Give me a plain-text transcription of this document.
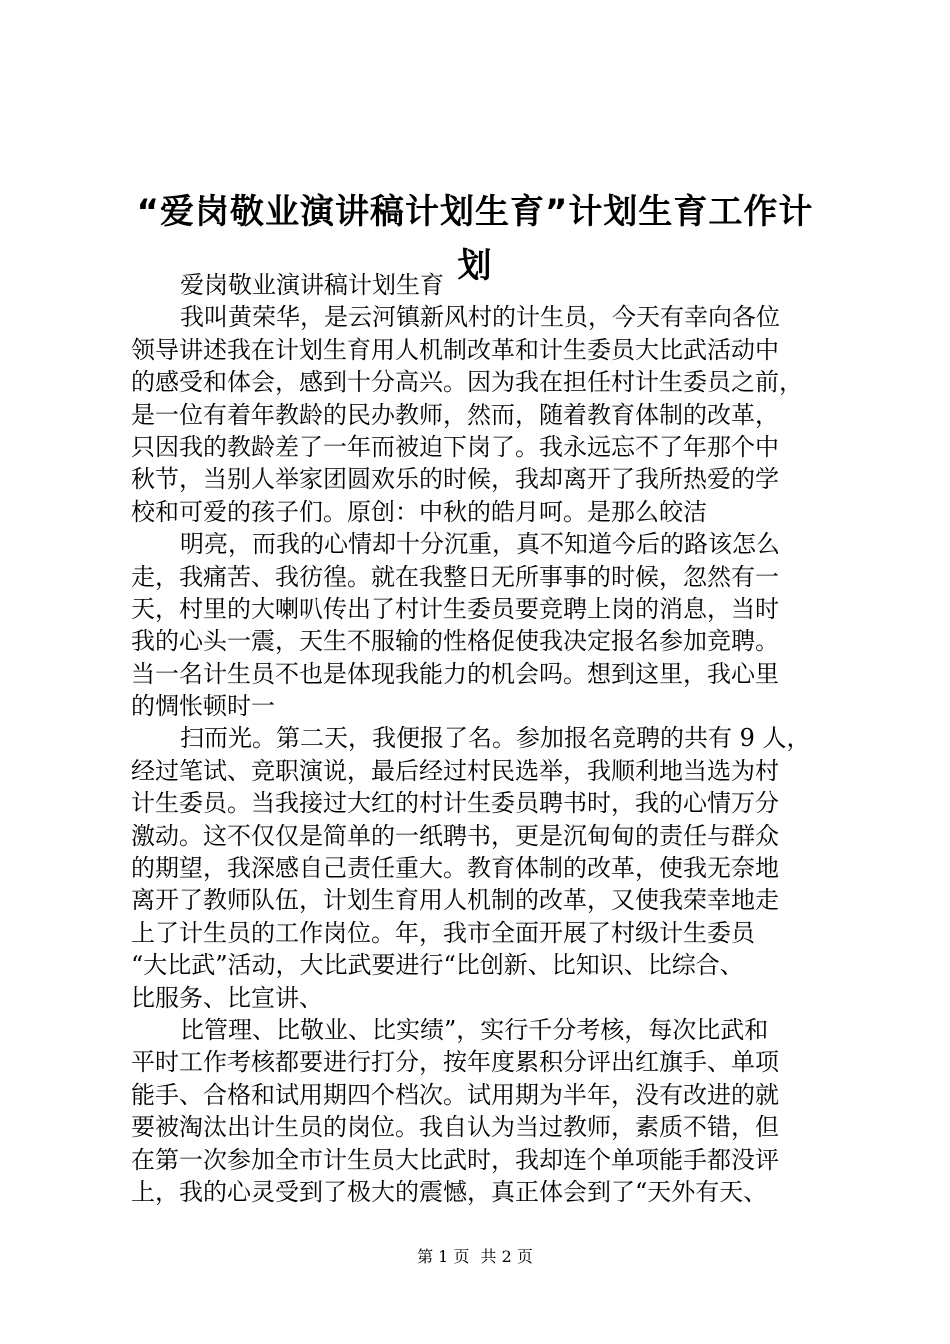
“爱岗敬业演讲稿计划生育”计划生育工作计
划
爱岗敬业演讲稿计划生育
我叫黄荣华，是云河镇新风村的计生员，今天有幸向各位
领导讲述我在计划生育用人机制改革和计生委员大比武活动中
的感受和体会，感到十分高兴。因为我在担任村计生委员之前，
是一位有着年教龄的民办教师，然而，随着教育体制的改革，
只因我的教龄差了一年而被迫下岗了。我永远忘不了年那个中
秋节，当别人举家团圆欢乐的时候，我却离开了我所热爱的学
校和可爱的孩子们。原创：中秋的皓月呵。是那么皎洁
明亮，而我的心情却十分沉重，真不知道今后的路该怎么
走，我痛苦、我彷徨。就在我整日无所事事的时候，忽然有一
天，村里的大喇叭传出了村计生委员要竞聘上岗的消息，当时
我的心头一震，天生不服输的性格促使我决定报名参加竞聘。
当一名计生员不也是体现我能力的机会吗。想到这里，我心里
的惆怅顿时一
扫而光。第二天，我便报了名。参加报名竞聘的共有 9 人，
经过笔试、竞职演说，最后经过村民选举，我顺利地当选为村
计生委员。当我接过大红的村计生委员聘书时，我的心情万分
激动。这不仅仅是简单的一纸聘书，更是沉甸甸的责任与群众
的期望，我深感自己责任重大。教育体制的改革，使我无奈地
离开了教师队伍，计划生育用人机制的改革，又使我荣幸地走
上了计生员的工作岗位。年，我市全面开展了村级计生委员
“大比武”活动，大比武要进行“比创新、比知识、比综合、
比服务、比宣讲、
比管理、比敬业、比实绩”，实行千分考核，每次比武和
平时工作考核都要进行打分，按年度累积分评出红旗手、单项
能手、合格和试用期四个档次。试用期为半年，没有改进的就
要被淘汰出计生员的岗位。我自认为当过教师，素质不错，但
在第一次参加全市计生员大比武时，我却连个单项能手都没评
上，我的心灵受到了极大的震憾，真正体会到了“天外有天、
第 1 页 共 2 页
